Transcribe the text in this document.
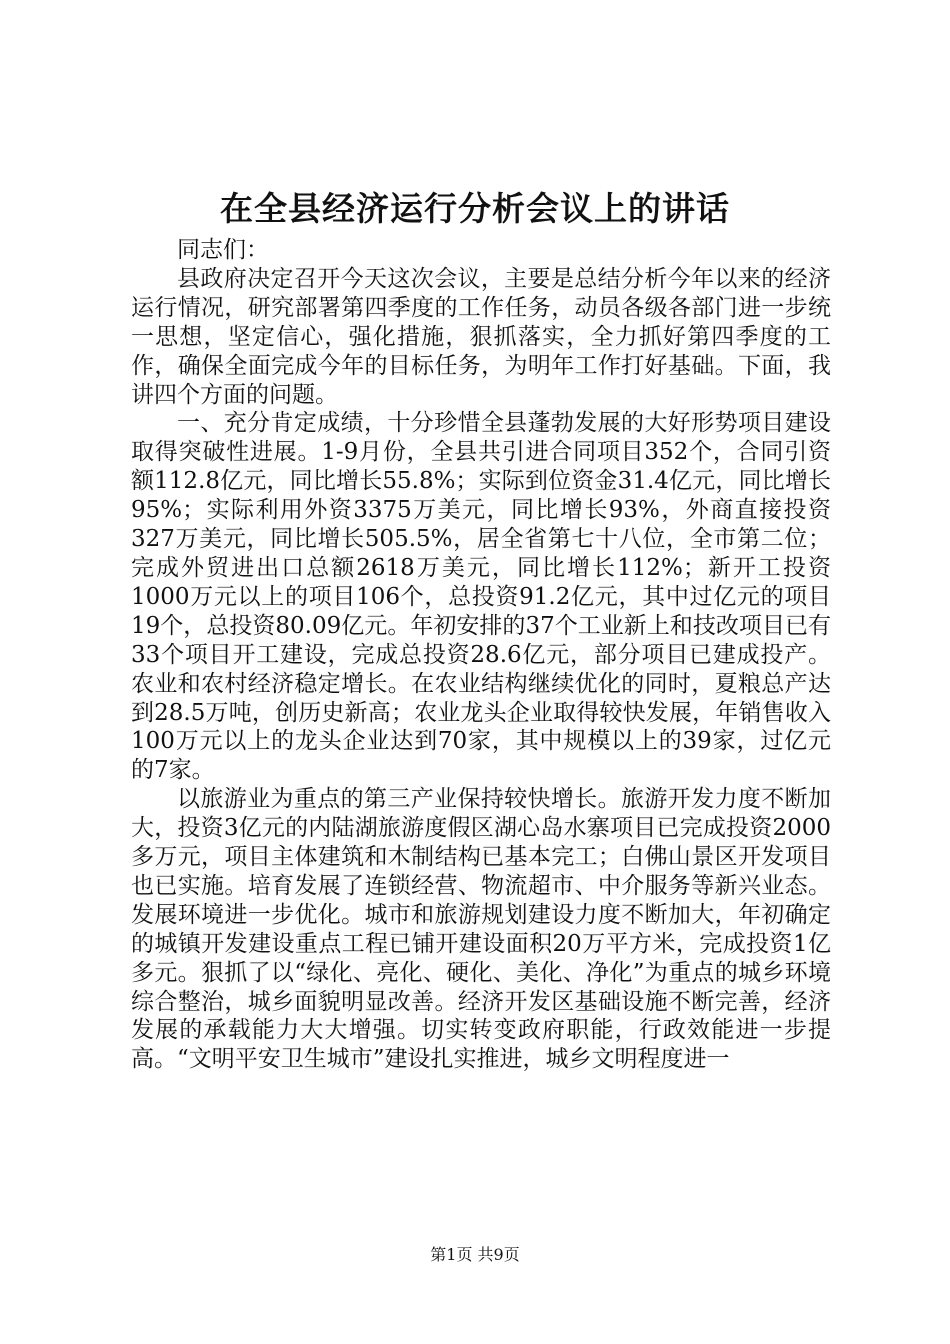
在全县经济运行分析会议上的讲话

同志们：

县政府决定召开今天这次会议，主要是总结分析今年以来的经济运行情况，研究部署第四季度的工作任务，动员各级各部门进一步统一思想，坚定信心，强化措施，狠抓落实，全力抓好第四季度的工作，确保全面完成今年的目标任务，为明年工作打好基础。下面，我讲四个方面的问题。

一、充分肯定成绩，十分珍惜全县蓬勃发展的大好形势项目建设取得突破性进展。1-9月份，全县共引进合同项目352个，合同引资额112.8亿元，同比增长55.8%；实际到位资金31.4亿元，同比增长95%；实际利用外资3375万美元，同比增长93%，外商直接投资327万美元，同比增长505.5%，居全省第七十八位，全市第二位；完成外贸进出口总额2618万美元，同比增长112%；新开工投资1000万元以上的项目106个，总投资91.2亿元，其中过亿元的项目19个，总投资80.09亿元。年初安排的37个工业新上和技改项目已有33个项目开工建设，完成总投资28.6亿元，部分项目已建成投产。农业和农村经济稳定增长。在农业结构继续优化的同时，夏粮总产达到28.5万吨，创历史新高；农业龙头企业取得较快发展，年销售收入100万元以上的龙头企业达到70家，其中规模以上的39家，过亿元的7家。

以旅游业为重点的第三产业保持较快增长。旅游开发力度不断加大，投资3亿元的内陆湖旅游度假区湖心岛水寨项目已完成投资2000多万元，项目主体建筑和木制结构已基本完工；白佛山景区开发项目也已实施。培育发展了连锁经营、物流超市、中介服务等新兴业态。发展环境进一步优化。城市和旅游规划建设力度不断加大，年初确定的城镇开发建设重点工程已铺开建设面积20万平方米，完成投资1亿多元。狠抓了以“绿化、亮化、硬化、美化、净化”为重点的城乡环境综合整治，城乡面貌明显改善。经济开发区基础设施不断完善，经济发展的承载能力大大增强。切实转变政府职能，行政效能进一步提高。“文明平安卫生城市”建设扎实推进，城乡文明程度进一

第1页 共9页
